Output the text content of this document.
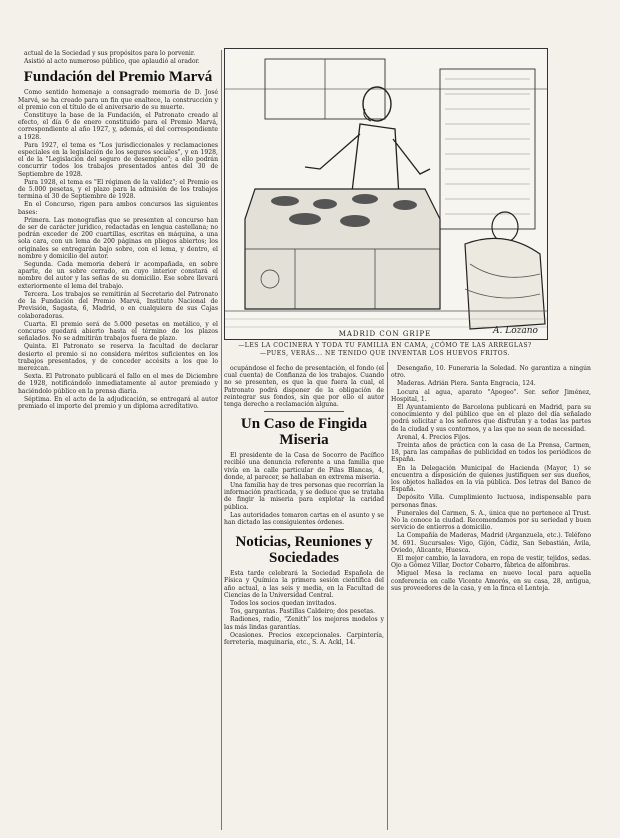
actual de la Sociedad y sus propósitos para lo porvenir.

Asistió al acto numeroso público, que aplaudió al orador.

Fundación del Premio Marvá

Como sentido homenaje a consagrado memoria de D. José Marvá, se ha creado para un fin que enaltece, la construcción y el premio con el título de el aniversario de su muerte.

Constituye la base de la Fundación, el Patronato creado al efecto, el día 6 de enero constituido para el Premio Marvá, correspondiente al año 1927, y, además, el del correspondiente a 1928.

Para 1927, el tema es "Los jurisdiccionales y reclamaciones especiales en la legislación de los seguros sociales", y en 1928, el de la "Legislación del seguro de desempleo"; a ello podrán concurrir todos los trabajos presentados antes del 30 de Septiembre de 1928.

Para 1928, el tema es "El régimen de la validez"; el Premio es de 5.000 pesetas, y el plazo para la admisión de los trabajos termina el 30 de Septiembre de 1928.

En el Concurso, rigen para ambos concursos las siguientes bases:

Primera. Las monografías que se presenten al concurso han de ser de carácter jurídico, redactadas en lengua castellana; no podrán exceder de 200 cuartillas, escritas en máquina, a una sola cara, con un lema de 200 páginas en pliegos abiertos; los originales se entregarán bajo sobre, con el lema, y dentro, el nombre y domicilio del autor.

Segunda. Cada memoria deberá ir acompañada, en sobre aparte, de un sobre cerrado, en cuyo interior constará el nombre del autor y las señas de su domicilio. Ese sobre llevará exteriormente el lema del trabajo.

Tercera. Los trabajos se remitirán al Secretario del Patronato de la Fundación del Premio Marvá, Instituto Nacional de Previsión, Sagasta, 6, Madrid, o en cualquiera de sus Cajas colaboradoras.

Cuarta. El premio será de 5.000 pesetas en metálico, y el concurso quedará abierto hasta el término de los plazos señalados. No se admitirán trabajos fuera de plazo.

Quinta. El Patronato se reserva la facultad de declarar desierto el premio si no considera méritos suficientes en los trabajos presentados, y de conceder accésits a los que lo merezcan.

Sexta. El Patronato publicará el fallo en el mes de Diciembre de 1928, notificándolo inmediatamente al autor premiado y haciéndolo público en la prensa diaria.

Séptima. En el acto de la adjudicación, se entregará al autor premiado el importe del premio y un diploma acreditativo.

A. Lozano
MADRID CON GRIPE
—LES LA COCINERA Y TODA TU FAMILIA EN CAMA, ¿CÓMO TE LAS ARREGLAS?
—PUES, VERÁS... NE TENIDO QUE INVENTAR LOS HUEVOS FRITOS.

ocupándose el fecho de presentación, el fondo (el cual cuenta) de Confianza de los trabajos. Cuando no se presenten, es que la que fuera la cual, el Patronato podrá disponer de la obligación de reintegrar sus fondos, sin que por ello el autor tenga derecho a reclamación alguna.

Un Caso de Fingida Miseria

El presidente de la Casa de Socorro de Pacífico recibió una denuncia referente a una familia que vivía en la calle particular de Pilas Blancas, 4, donde, al parecer, se hallaban en extrema miseria.

Una familia hay de tres personas que recorrían la información practicada, y se deduce que se trataba de fingir la miseria para explotar la caridad pública.

Las autoridades tomaron cartas en el asunto y se han dictado las consiguientes órdenes.

Noticias, Reuniones y Sociedades

Esta tarde celebrará la Sociedad Española de Física y Química la primera sesión científica del año actual, a las seis y media, en la Facultad de Ciencias de la Universidad Central.

Todos los socios quedan invitados.

Tos, gargantas. Pastillas Caldeiro; dos pesetas.

Radiones, radio, "Zenith" los mejores modelos y las más lindas garantías.

Ocasiones. Precios excepcionales. Carpintería, ferretería, maquinaria, etc., S. A. Ackl, 14.

Desengaño, 10. Funeraria la Soledad. No garantiza a ningún otro.

Maderas. Adrián Piera. Santa Engracia, 124.

Locura al agua, aparato "Apogeo". Ser. señor Jiménez, Hospital, 1.

El Ayuntamiento de Barcelona publicará en Madrid, para su conocimiento y del público que en el plazo del día señalado podrá solicitar a los señores que disfrutan y a todas las partes de la ciudad y sus contornos, y a las que no sean de necesidad.

Arenal, 4. Precios Fijos.

Treinta años de práctica con la casa de La Prensa, Carmen, 18, para las campañas de publicidad en todos los periódicos de España.

En la Delegación Municipal de Hacienda (Mayor, 1) se encuentra a disposición de quienes justifiquen ser sus dueños, los objetos hallados en la vía pública. Dos letras del Banco de España.

Depósito Villa. Cumplimiento luctuosa, indispensable para personas finas.

Funerales del Carmen, S. A., única que no pertenece al Trust. No la conoce la ciudad. Recomendamos por su seriedad y buen servicio de entierros a domicilio.

La Compañía de Maderas, Madrid (Arganzuela, etc.). Teléfono M. 691. Sucursales: Vigo, Gijón, Cádiz, San Sebastián, Ávila, Oviedo, Alicante, Huesca.

El mejor cambio, la lavadora, en ropa de vestir, tejidos, sedas. Ojo a Gómez Villar, Doctor Cobarro, fábrica de alfombras.

Miguel Mesa la reclama en nuevo local para aquella conferencia en calle Vicente Amorós, en su casa, 28, antigua, sus proveedores de la casa, y en la finca el Lenteja.
